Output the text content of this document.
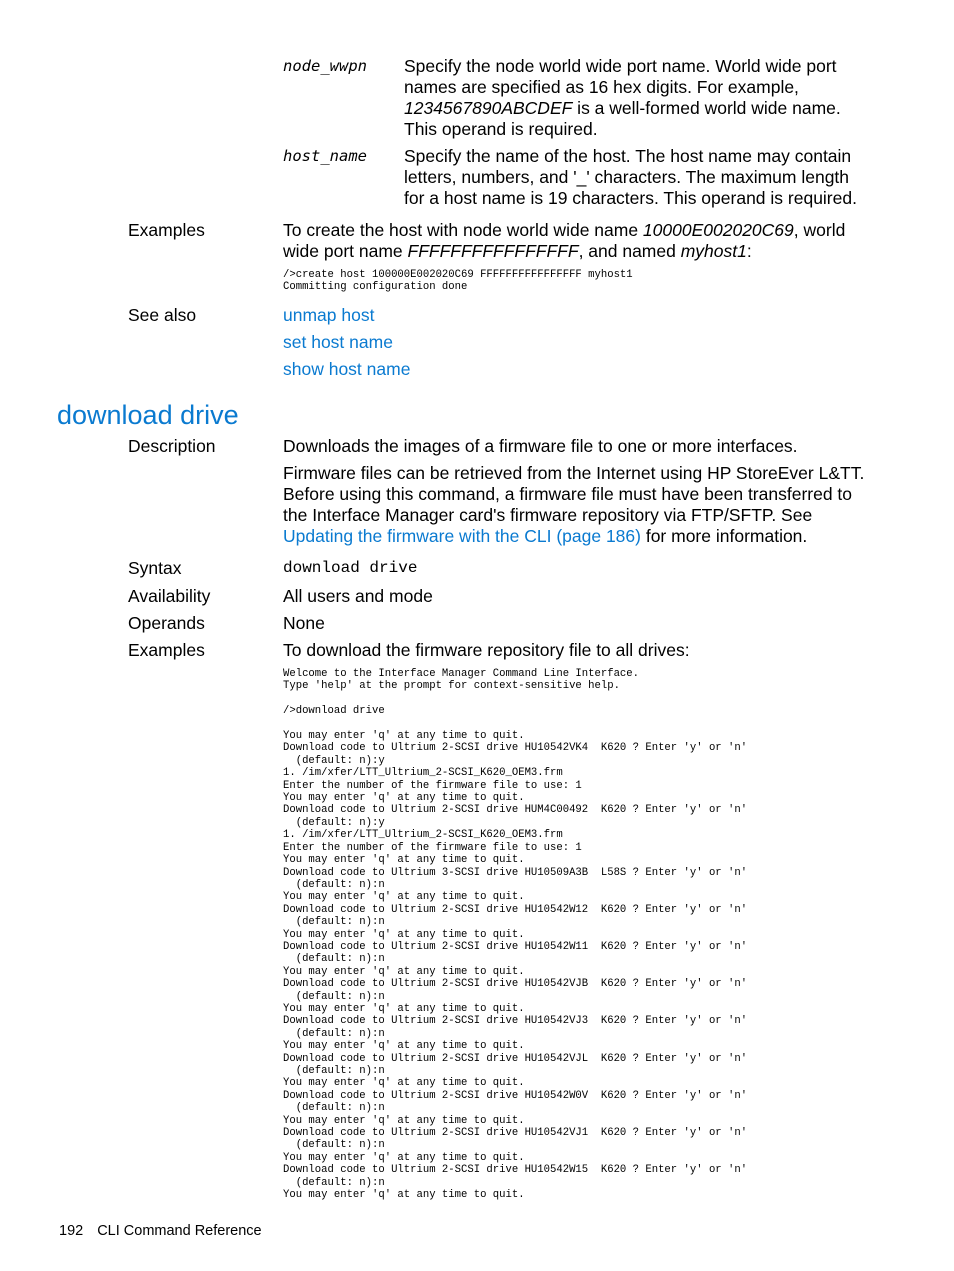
node_wwpn Specify the node world wide port name. World wide port names are specified as 16 hex digits. For example, 1234567890ABCDEF is a well-formed world wide name. This operand is required.
host_name Specify the name of the host. The host name may contain letters, numbers, and '_' characters. The maximum length for a host name is 19 characters. This operand is required.
Examples	To create the host with node world wide name 10000E002020C69, world wide port name FFFFFFFFFFFFFFFF, and named myhost1:
/>create host 100000E002020C69 FFFFFFFFFFFFFFFF myhost1
Committing configuration done
See also	unmap host
set host name
show host name
download drive
Description	Downloads the images of a firmware file to one or more interfaces.
Firmware files can be retrieved from the Internet using HP StoreEver L&TT. Before using this command, a firmware file must have been transferred to the Interface Manager card's firmware repository via FTP/SFTP. See Updating the firmware with the CLI (page 186) for more information.
Syntax	download drive
Availability	All users and mode
Operands	None
Examples	To download the firmware repository file to all drives:
Welcome to the Interface Manager Command Line Interface.
Type 'help' at the prompt for context-sensitive help.

/>download drive

You may enter 'q' at any time to quit.
Download code to Ultrium 2-SCSI drive HU10542VK4  K620 ? Enter 'y' or 'n'
(default: n):y
1. /im/xfer/LTT_Ultrium_2-SCSI_K620_OEM3.frm
Enter the number of the firmware file to use: 1
You may enter 'q' at any time to quit.
Download code to Ultrium 2-SCSI drive HUM4C00492  K620 ? Enter 'y' or 'n'
(default: n):y
1. /im/xfer/LTT_Ultrium_2-SCSI_K620_OEM3.frm
Enter the number of the firmware file to use: 1
You may enter 'q' at any time to quit.
Download code to Ultrium 3-SCSI drive HU10509A3B  L58S ? Enter 'y' or 'n'
(default: n):n
You may enter 'q' at any time to quit.
Download code to Ultrium 2-SCSI drive HU10542W12  K620 ? Enter 'y' or 'n'
(default: n):n
You may enter 'q' at any time to quit.
Download code to Ultrium 2-SCSI drive HU10542W11  K620 ? Enter 'y' or 'n'
(default: n):n
You may enter 'q' at any time to quit.
Download code to Ultrium 2-SCSI drive HU10542VJB  K620 ? Enter 'y' or 'n'
(default: n):n
You may enter 'q' at any time to quit.
Download code to Ultrium 2-SCSI drive HU10542VJ3  K620 ? Enter 'y' or 'n'
(default: n):n
You may enter 'q' at any time to quit.
Download code to Ultrium 2-SCSI drive HU10542VJL  K620 ? Enter 'y' or 'n'
(default: n):n
You may enter 'q' at any time to quit.
Download code to Ultrium 2-SCSI drive HU10542W0V  K620 ? Enter 'y' or 'n'
(default: n):n
You may enter 'q' at any time to quit.
Download code to Ultrium 2-SCSI drive HU10542VJ1  K620 ? Enter 'y' or 'n'
(default: n):n
You may enter 'q' at any time to quit.
Download code to Ultrium 2-SCSI drive HU10542W15  K620 ? Enter 'y' or 'n'
(default: n):n
You may enter 'q' at any time to quit.
192 CLI Command Reference
